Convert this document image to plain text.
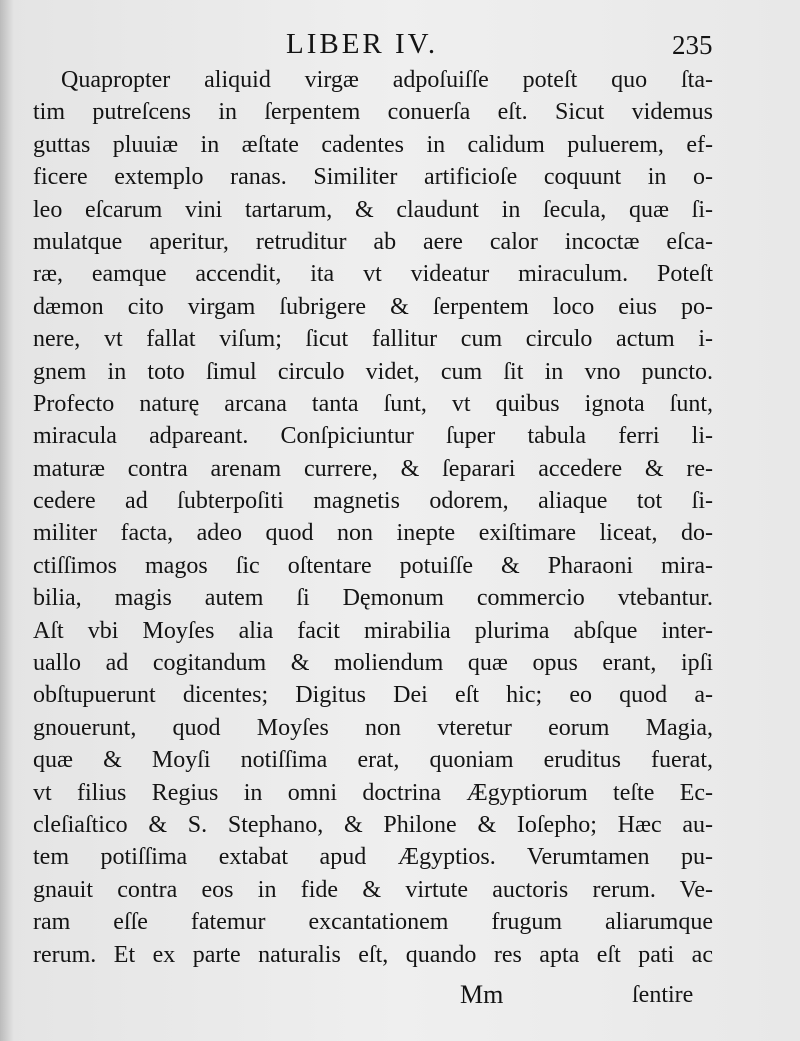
LIBER IV.	235
Quapropter aliquid virgæ adpoſuiſſe poteſt quo ſta-
tim putreſcens in ſerpentem conuerſa eſt. Sicut videmus
guttas pluuiæ in æſtate cadentes in calidum puluerem, ef-
ficere extemplo ranas. Similiter artificioſe coquunt in o-
leo eſcarum vini tartarum, & claudunt in ſecula, quæ ſi-
mulatque aperitur, retruditur ab aere calor incoctæ eſca-
ræ, eamque accendit, ita vt videatur miraculum. Poteſt
dæmon cito virgam ſubrigere & ſerpentem loco eius po-
nere, vt fallat viſum; ſicut fallitur cum circulo actum i-
gnem in toto ſimul circulo videt, cum ſit in vno puncto.
Profecto naturę arcana tanta ſunt, vt quibus ignota ſunt,
miracula adpareant. Conſpiciuntur ſuper tabula ferri li-
maturæ contra arenam currere, & ſeparari accedere & re-
cedere ad ſubterpoſiti magnetis odorem, aliaque tot ſi-
militer facta, adeo quod non inepte exiſtimare liceat, do-
ctiſſimos magos ſic oſtentare potuiſſe & Pharaoni mira-
bilia, magis autem ſi Dęmonum commercio vtebantur.
Aſt vbi Moyſes alia facit mirabilia plurima abſque inter-
uallo ad cogitandum & moliendum quæ opus erant, ipſi
obſtupuerunt dicentes; Digitus Dei eſt hic; eo quod a-
gnouerunt, quod Moyſes non vteretur eorum Magia,
quæ & Moyſi notiſſima erat, quoniam eruditus fuerat,
vt filius Regius in omni doctrina Ægyptiorum teſte Ec-
cleſiaſtico & S. Stephano, & Philone & Ioſepho; Hæc au-
tem potiſſima extabat apud Ægyptios. Verumtamen pu-
gnauit contra eos in fide & virtute auctoris rerum. Ve-
ram eſſe fatemur excantationem frugum aliarumque
rerum. Et ex parte naturalis eſt, quando res apta eſt pati ac
Mm	ſentire
